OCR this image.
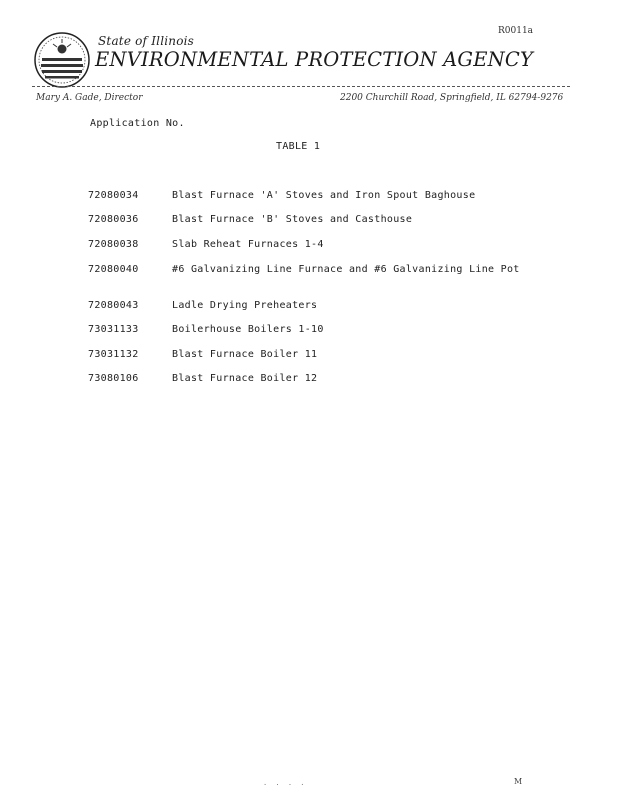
R0011a
State of Illinois
ENVIRONMENTAL PROTECTION AGENCY
Mary A. Gade, Director	2200 Churchill Road, Springfield, IL 62794-9276
Application No.
TABLE 1
72080034	Blast Furnace 'A' Stoves and Iron Spout Baghouse
72080036	Blast Furnace 'B' Stoves and Casthouse
72080038	Slab Reheat Furnaces 1-4
72080040	#6 Galvanizing Line Furnace and #6 Galvanizing Line Pot
72080043	Ladle Drying Preheaters
73031133	Boilerhouse Boilers 1-10
73031132	Blast Furnace Boiler 11
73080106	Blast Furnace Boiler 12
. . . .	M
